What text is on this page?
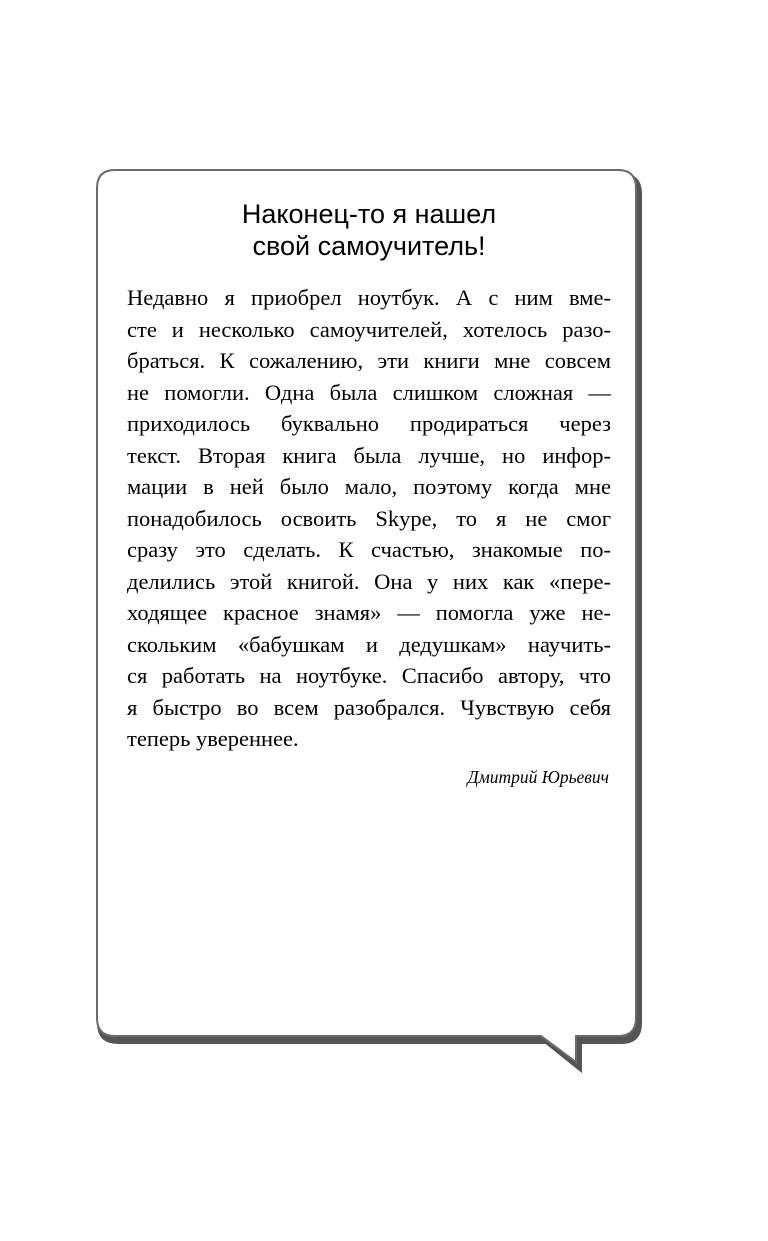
Наконец-то я нашел
свой самоучитель!
Недавно я приобрел ноутбук. А с ним вме-
сте и несколько самоучителей, хотелось разо-
браться. К сожалению, эти книги мне совсем
не помогли. Одна была слишком сложная —
приходилось буквально продираться через
текст. Вторая книга была лучше, но инфор-
мации в ней было мало, поэтому когда мне
понадобилось освоить Skype, то я не смог
сразу это сделать. К счастью, знакомые по-
делились этой книгой. Она у них как «пере-
ходящее красное знамя» — помогла уже не-
скольким «бабушкам и дедушкам» научить-
ся работать на ноутбуке. Спасибо автору, что
я быстро во всем разобрался. Чувствую себя
теперь увереннее.
Дмитрий Юрьевич
